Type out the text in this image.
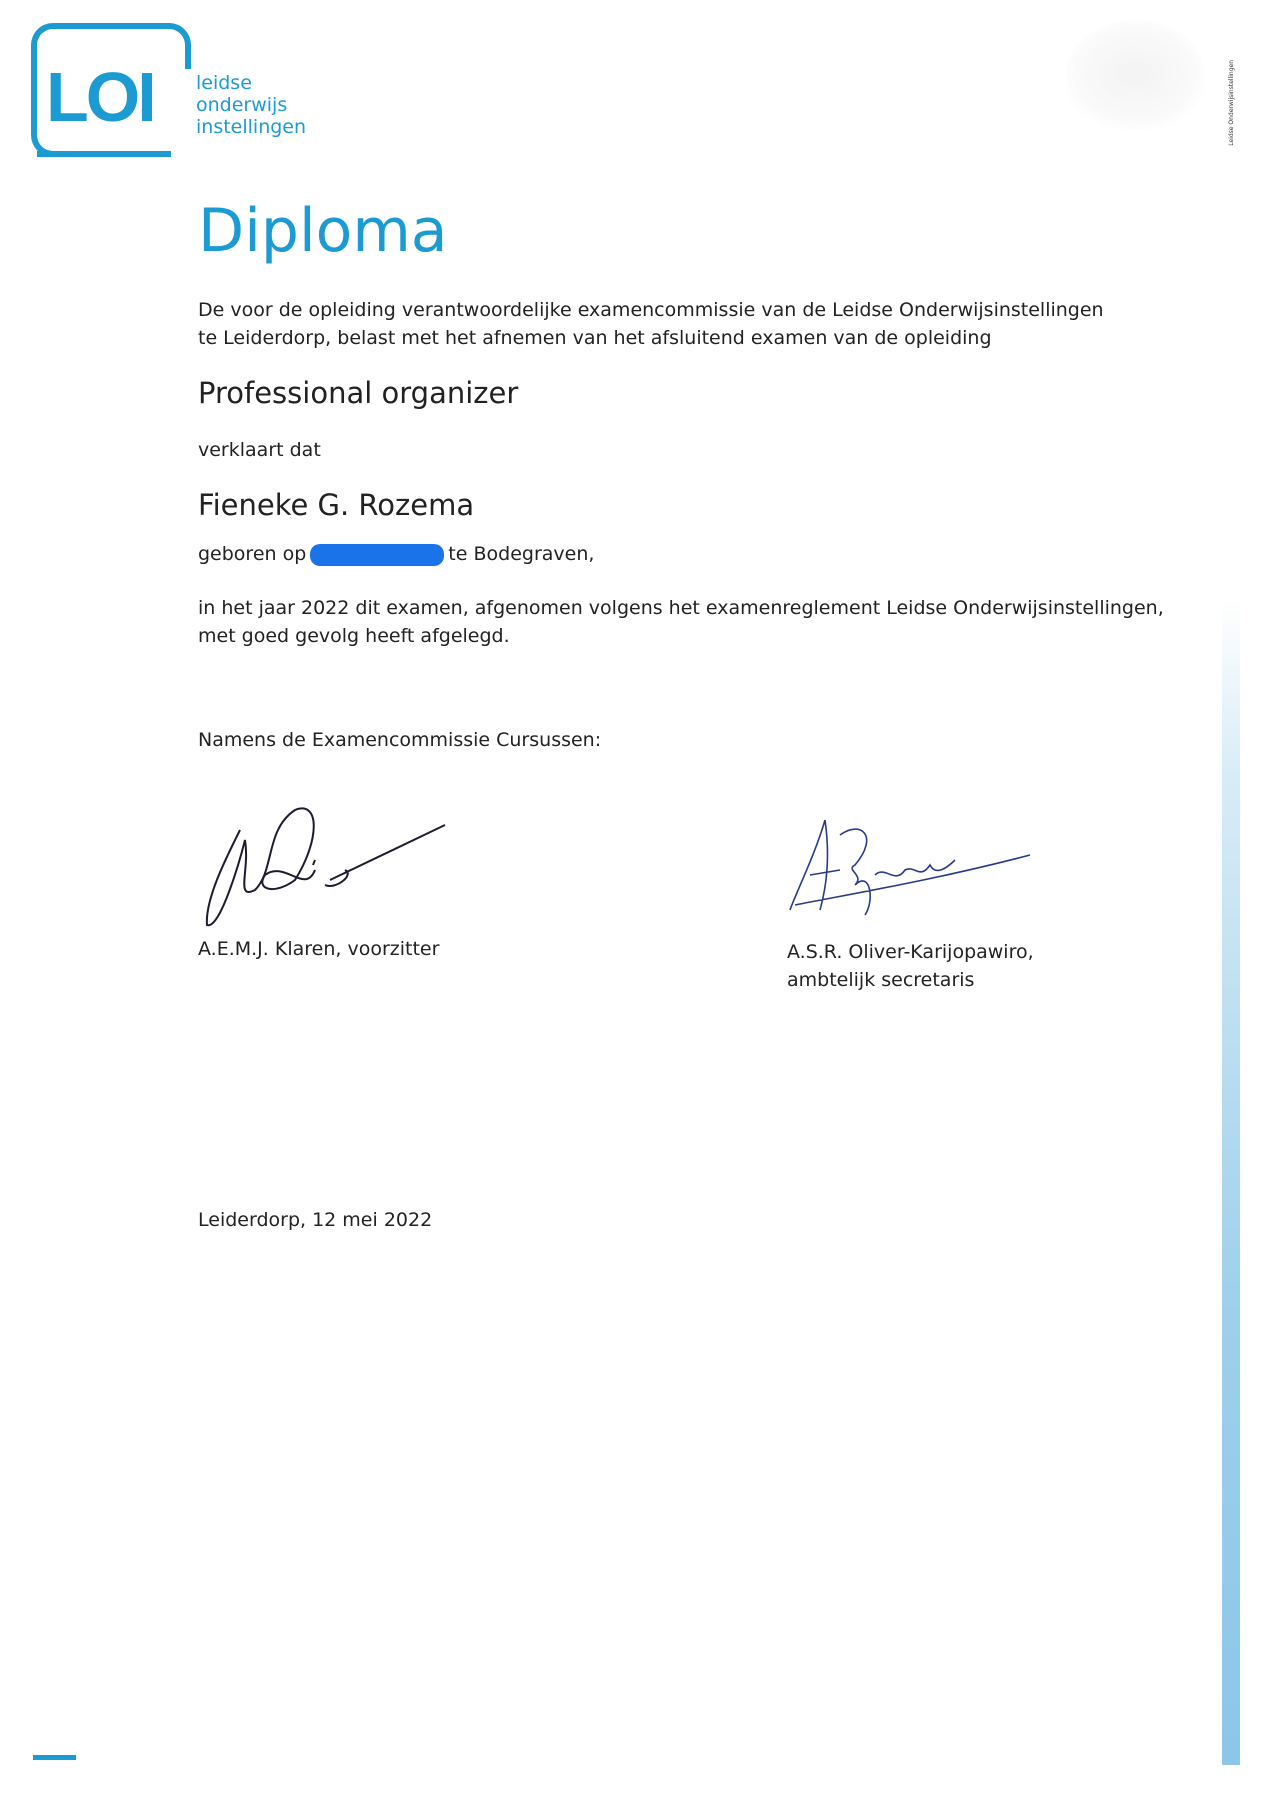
LOI leidse
onderwijs
instellingen	Leidse Onderwijsinstellingen
Diploma
De voor de opleiding verantwoordelijke examencommissie van de Leidse Onderwijsinstellingen
te Leiderdorp, belast met het afnemen van het afsluitend examen van de opleiding
Professional organizer
verklaart dat
Fieneke G. Rozema
geboren op	te Bodegraven,
in het jaar 2022 dit examen, afgenomen volgens het examenreglement Leidse Onderwijsinstellingen,
met goed gevolg heeft afgelegd.
Namens de Examencommissie Cursussen:
A.E.M.J. Klaren, voorzitter	A.S.R. Oliver-Karijopawiro,
ambtelijk secretaris
Leiderdorp, 12 mei 2022
